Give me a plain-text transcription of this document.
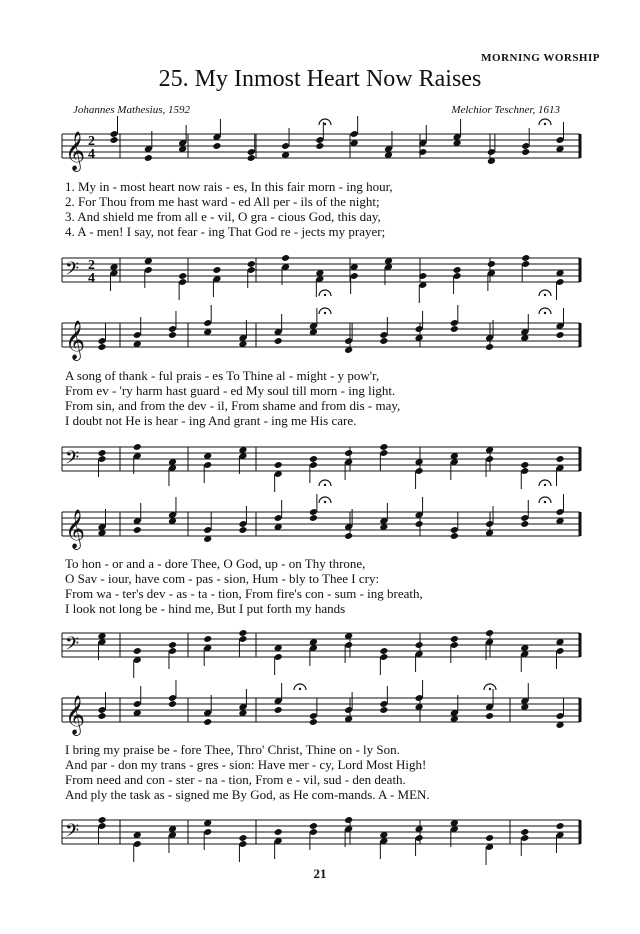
MORNING WORSHIP
25. My Inmost Heart Now Raises
Johannes Mathesius, 1592	Melchior Teschner, 1613
𝄞 2
4
𝄢 2
4
𝄞
𝄢
𝄞
𝄢
𝄞
𝄢
1. My in - most heart now rais - es, In this fair morn - ing hour,
2. For Thou from me hast ward - ed All per - ils of the night;
3. And shield me from all e - vil, O gra - cious God, this day,
4. A - men! I say, not fear - ing That God re - jects my prayer;
A song of thank - ful prais - es To Thine al - might - y pow'r,
From ev - 'ry harm hast guard - ed My soul till morn - ing light.
From sin, and from the dev - il, From shame and from dis - may,
I doubt not He is hear - ing And grant - ing me His care.
To hon - or and a - dore Thee, O God, up - on Thy throne,
O Sav - iour, have com - pas - sion, Hum - bly to Thee I cry:
From wa - ter's dev - as - ta - tion, From fire's con - sum - ing breath,
I look not long be - hind me, But I put forth my hands
I bring my praise be - fore Thee, Thro' Christ, Thine on - ly Son.
And par - don my trans - gres - sion: Have mer - cy, Lord Most High!
From need and con - ster - na - tion, From e - vil, sud - den death.
And ply the task as - signed me By God, as He com-mands. A - MEN.
21
